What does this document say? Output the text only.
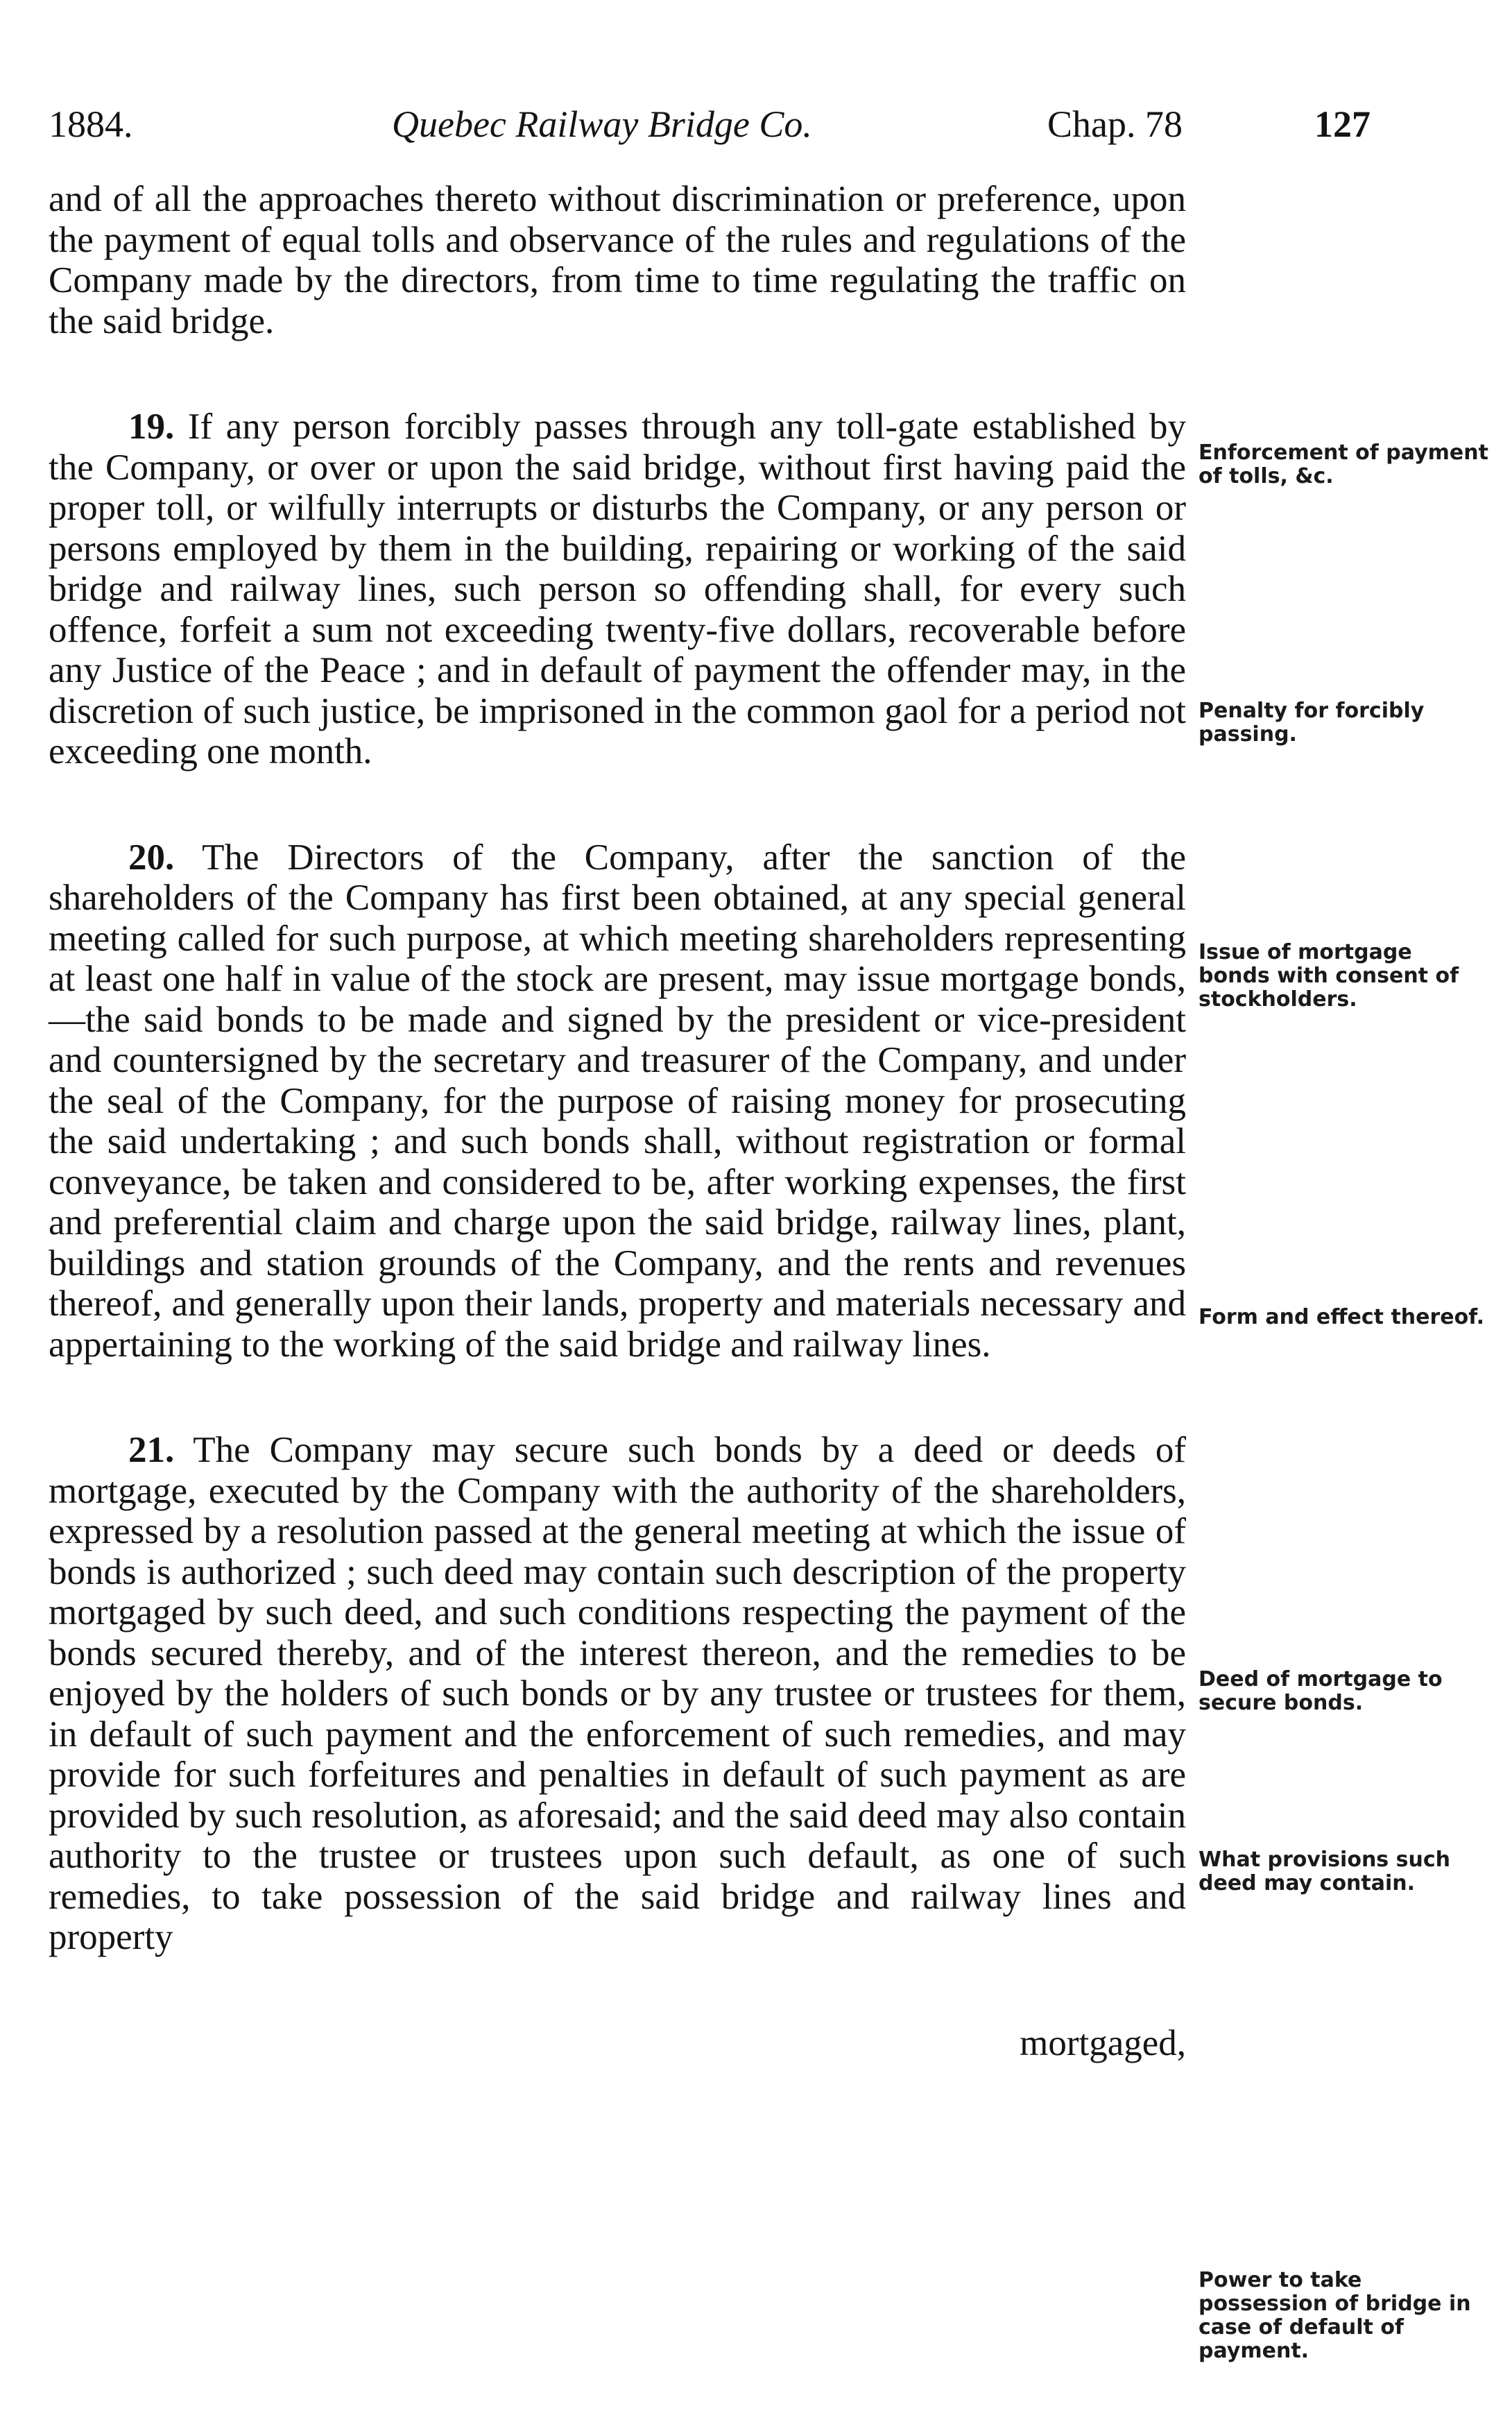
1884.	Quebec Railway Bridge Co.	Chap. 78	127

and of all the approaches thereto without discrimination or preference, upon the payment of equal tolls and observance of the rules and regulations of the Company made by the directors, from time to time regulating the traffic on the said bridge.

19. If any person forcibly passes through any toll-gate established by the Company, or over or upon the said bridge, without first having paid the proper toll, or wilfully interrupts or disturbs the Company, or any person or persons employed by them in the building, repairing or working of the said bridge and railway lines, such person so offending shall, for every such offence, forfeit a sum not exceeding twenty-five dollars, recoverable before any Justice of the Peace ; and in default of payment the offender may, in the discretion of such justice, be imprisoned in the common gaol for a period not exceeding one month.

20. The Directors of the Company, after the sanction of the shareholders of the Company has first been obtained, at any special general meeting called for such purpose, at which meeting shareholders representing at least one half in value of the stock are present, may issue mortgage bonds, —the said bonds to be made and signed by the president or vice-president and countersigned by the secretary and treasurer of the Company, and under the seal of the Company, for the purpose of raising money for prosecuting the said undertaking ; and such bonds shall, without registration or formal conveyance, be taken and considered to be, after working expenses, the first and preferential claim and charge upon the said bridge, railway lines, plant, buildings and station grounds of the Company, and the rents and revenues thereof, and generally upon their lands, property and materials necessary and appertaining to the working of the said bridge and railway lines.

21. The Company may secure such bonds by a deed or deeds of mortgage, executed by the Company with the authority of the shareholders, expressed by a resolution passed at the general meeting at which the issue of bonds is authorized ; such deed may contain such description of the property mortgaged by such deed, and such conditions respecting the payment of the bonds secured thereby, and of the interest thereon, and the remedies to be enjoyed by the holders of such bonds or by any trustee or trustees for them, in default of such payment and the enforcement of such remedies, and may provide for such forfeitures and penalties in default of such payment as are provided by such resolution, as aforesaid; and the said deed may also contain authority to the trustee or trustees upon such default, as one of such remedies, to take possession of the said bridge and railway lines and property

mortgaged,

Enforcement of payment of tolls, &c.
Penalty for forcibly passing.
Issue of mortgage bonds with consent of stockholders.
Form and effect thereof.
Deed of mortgage to secure bonds.
What provisions such deed may contain.
Power to take possession of bridge in case of default of payment.
